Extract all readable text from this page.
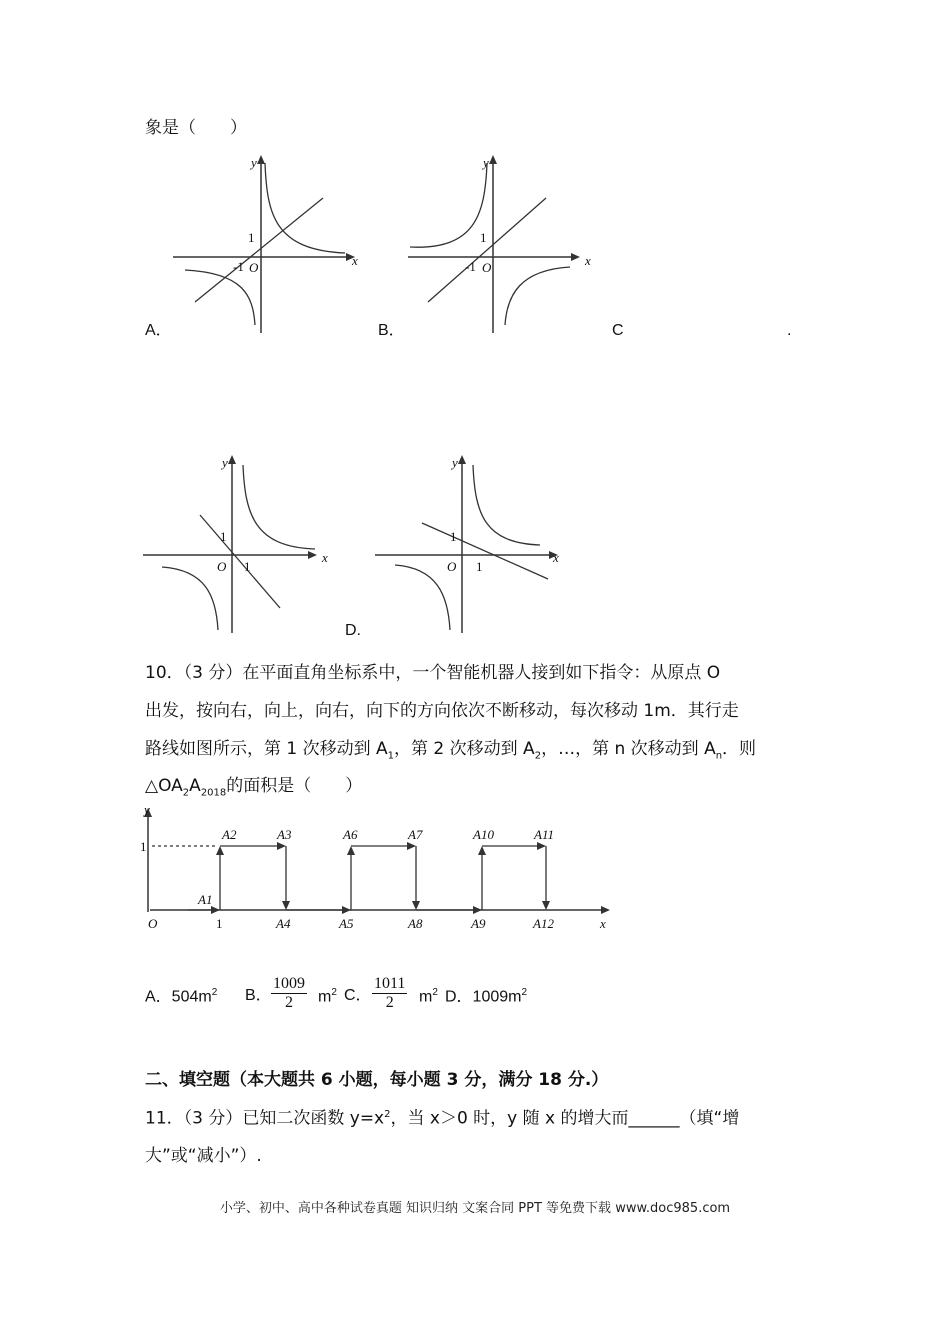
象是（　　）
y
x
1
-1 O
y
x
1
-1 O
A．	B．	C	.
y
x
1
1
O
y
x
1
1
O
D.
10．（3 分）在平面直角坐标系中，一个智能机器人接到如下指令：从原点 O
出发，按向右，向上，向右，向下的方向依次不断移动，每次移动 1m．其行走
路线如图所示，第 1 次移动到 $A_1$，第 2 次移动到 $A_2$，…，第 n 次移动到 $A_n$．则
$\triangle OA_2A_{2018}$的面积是（　　）
y
x
O
1
1
A1
A2	A3
A4	A5
A6	A7
A8	A9
A10	A11
A12
A．$504m^2$ B． $\frac{1009}{2} m^2$ C． $\frac{1011}{2} m^2$ D．$1009m^2$
二、填空题（本大题共 6 小题，每小题 3 分，满分 18 分.）
11．（3 分）已知二次函数 $y=x^2$，当 x＞0 时，y 随 x 的增大而______（填“增
大”或“减小”）.
小学、初中、高中各种试卷真题 知识归纳 文案合同 PPT 等免费下载 www.doc985.com
